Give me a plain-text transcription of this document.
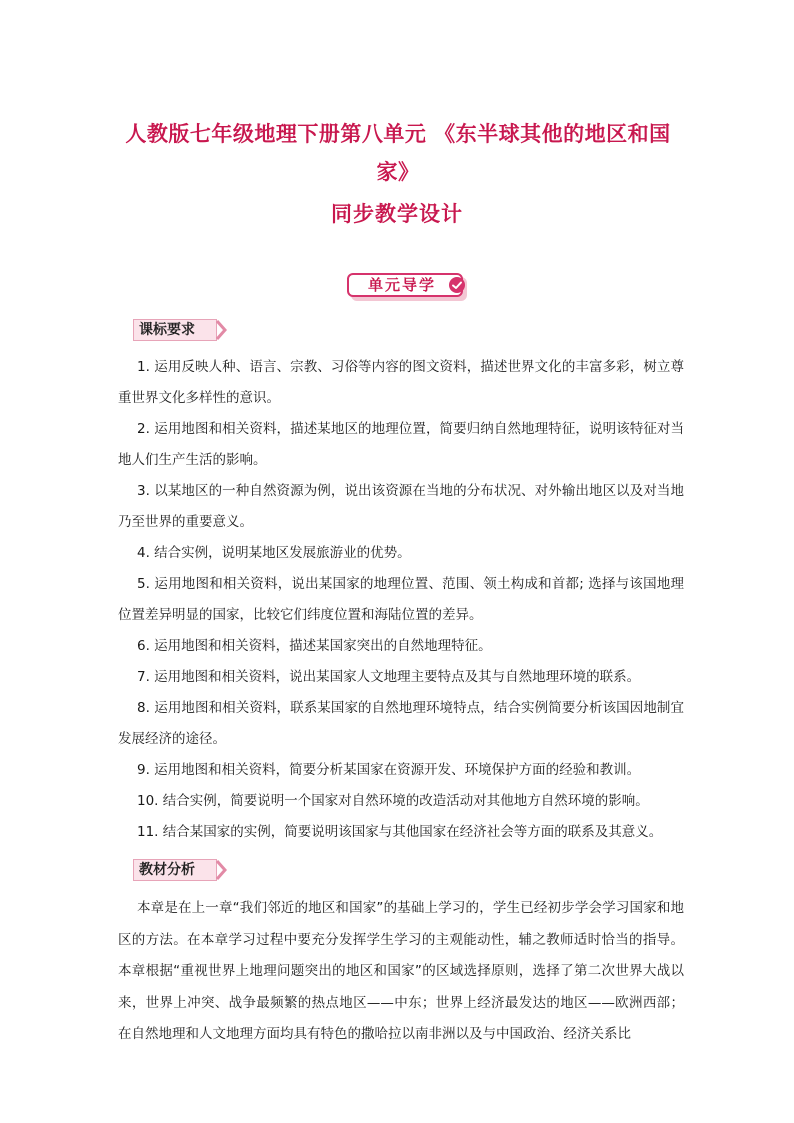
人教版七年级地理下册第八单元 《东半球其他的地区和国
家》
同步教学设计
单元导学
课标要求
1. 运用反映人种、语言、宗教、习俗等内容的图文资料，描述世界文化的丰富多彩，树立尊重世界文化多样性的意识。
2. 运用地图和相关资料，描述某地区的地理位置，简要归纳自然地理特征，说明该特征对当地人们生产生活的影响。
3. 以某地区的一种自然资源为例，说出该资源在当地的分布状况、对外输出地区以及对当地乃至世界的重要意义。
4. 结合实例，说明某地区发展旅游业的优势。
5. 运用地图和相关资料，说出某国家的地理位置、范围、领土构成和首都; 选择与该国地理位置差异明显的国家，比较它们纬度位置和海陆位置的差异。
6. 运用地图和相关资料，描述某国家突出的自然地理特征。
7. 运用地图和相关资料，说出某国家人文地理主要特点及其与自然地理环境的联系。
8. 运用地图和相关资料，联系某国家的自然地理环境特点，结合实例简要分析该国因地制宜发展经济的途径。
9. 运用地图和相关资料，简要分析某国家在资源开发、环境保护方面的经验和教训。
10. 结合实例，简要说明一个国家对自然环境的改造活动对其他地方自然环境的影响。
11. 结合某国家的实例，简要说明该国家与其他国家在经济社会等方面的联系及其意义。
教材分析
本章是在上一章“我们邻近的地区和国家”的基础上学习的，学生已经初步学会学习国家和地区的方法。在本章学习过程中要充分发挥学生学习的主观能动性，辅之教师适时恰当的指导。本章根据“重视世界上地理问题突出的地区和国家”的区域选择原则，选择了第二次世界大战以来，世界上冲突、战争最频繁的热点地区——中东；世界上经济最发达的地区——欧洲西部；在自然地理和人文地理方面均具有特色的撒哈拉以南非洲以及与中国政治、经济关系比
